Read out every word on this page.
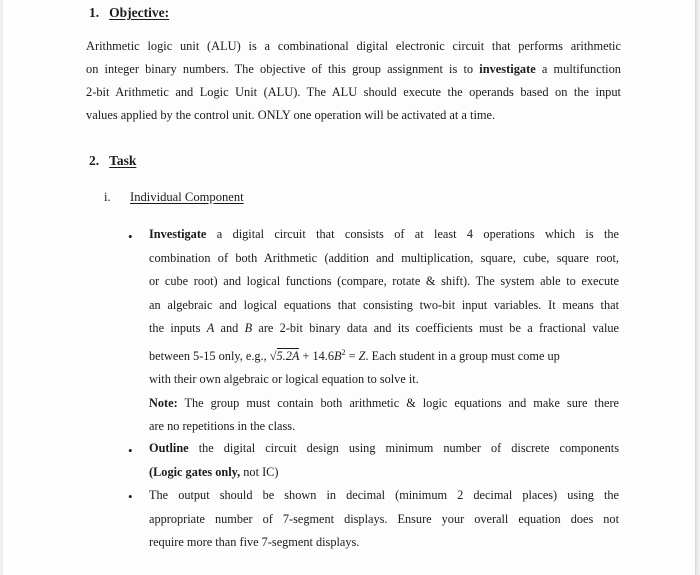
1. Objective:

Arithmetic logic unit (ALU) is a combinational digital electronic circuit that performs arithmetic

on integer binary numbers. The objective of this group assignment is to investigate a multifunction

2-bit Arithmetic and Logic Unit (ALU). The ALU should execute the operands based on the input

values applied by the control unit. ONLY one operation will be activated at a time.

2. Task
i. Individual Component
• Investigate a digital circuit that consists of at least 4 operations which is the

combination of both Arithmetic (addition and multiplication, square, cube, square root,

or cube root) and logical functions (compare, rotate & shift). The system able to execute

an algebraic and logical equations that consisting two-bit input variables. It means that

the inputs A and B are 2-bit binary data and its coefficients must be a fractional value

between 5-15 only, e.g., $√5.2A + 14.6B^2 = Z$. Each student in a group must come up

with their own algebraic or logical equation to solve it.

Note: The group must contain both arithmetic & logic equations and make sure there

are no repetitions in the class.

• Outline the digital circuit design using minimum number of discrete components

(Logic gates only, not IC)

• The output should be shown in decimal (minimum 2 decimal places) using the

appropriate number of 7-segment displays. Ensure your overall equation does not

require more than five 7-segment displays.
